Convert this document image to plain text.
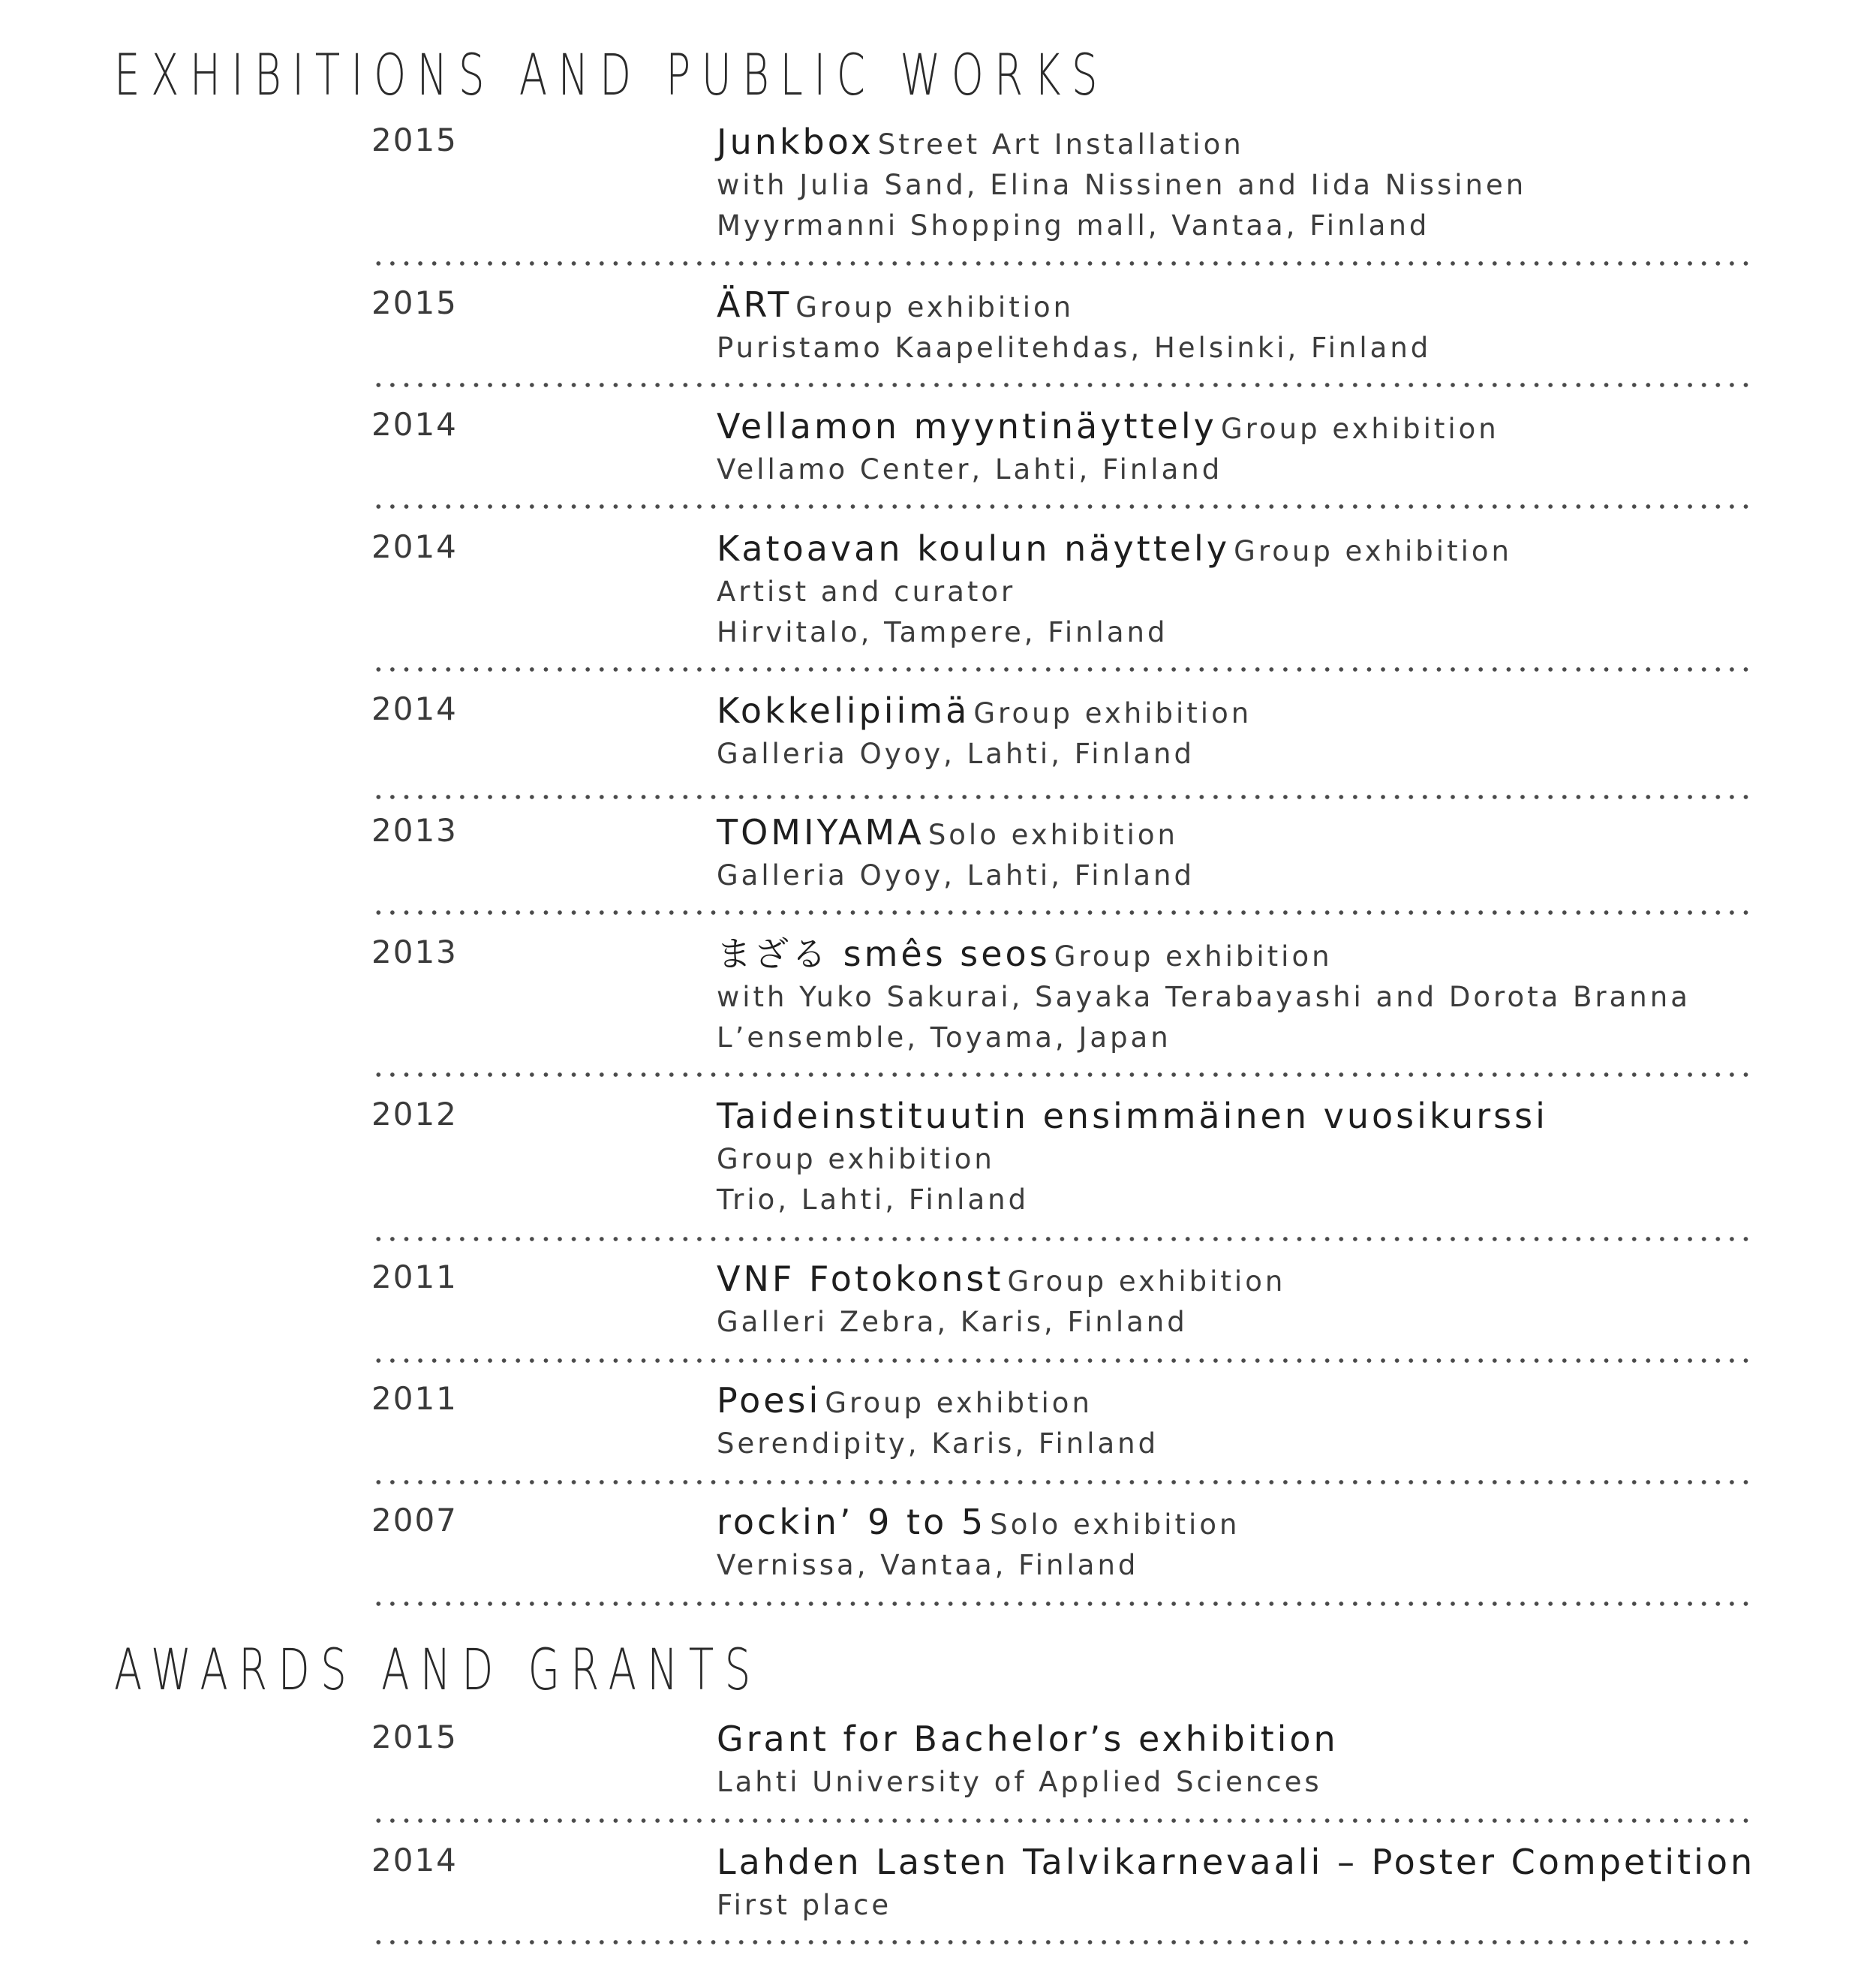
EXHIBITIONS AND PUBLIC WORKS
2015	Junkbox Street Art Installation
with Julia Sand, Elina Nissinen and Iida Nissinen
Myyrmanni Shopping mall, Vantaa, Finland
2015	ÄRT Group exhibition
Puristamo Kaapelitehdas, Helsinki, Finland
2014	Vellamon myyntinäyttely Group exhibition
Vellamo Center, Lahti, Finland
2014	Katoavan koulun näyttely Group exhibition
Artist and curator
Hirvitalo, Tampere, Finland
2014	Kokkelipiimä Group exhibition
Galleria Oyoy, Lahti, Finland
2013	TOMIYAMA Solo exhibition
Galleria Oyoy, Lahti, Finland
2013	まざる smês seos Group exhibition
with Yuko Sakurai, Sayaka Terabayashi and Dorota Branna
L’ensemble, Toyama, Japan
2012	Taideinstituutin ensimmäinen vuosikurssi
Group exhibition
Trio, Lahti, Finland
2011	VNF Fotokonst Group exhibition
Galleri Zebra, Karis, Finland
2011	Poesi Group exhibtion
Serendipity, Karis, Finland
2007	rockin’ 9 to 5 Solo exhibition
Vernissa, Vantaa, Finland
AWARDS AND GRANTS
2015	Grant for Bachelor’s exhibition
Lahti University of Applied Sciences
2014	Lahden Lasten Talvikarnevaali – Poster Competition
First place
